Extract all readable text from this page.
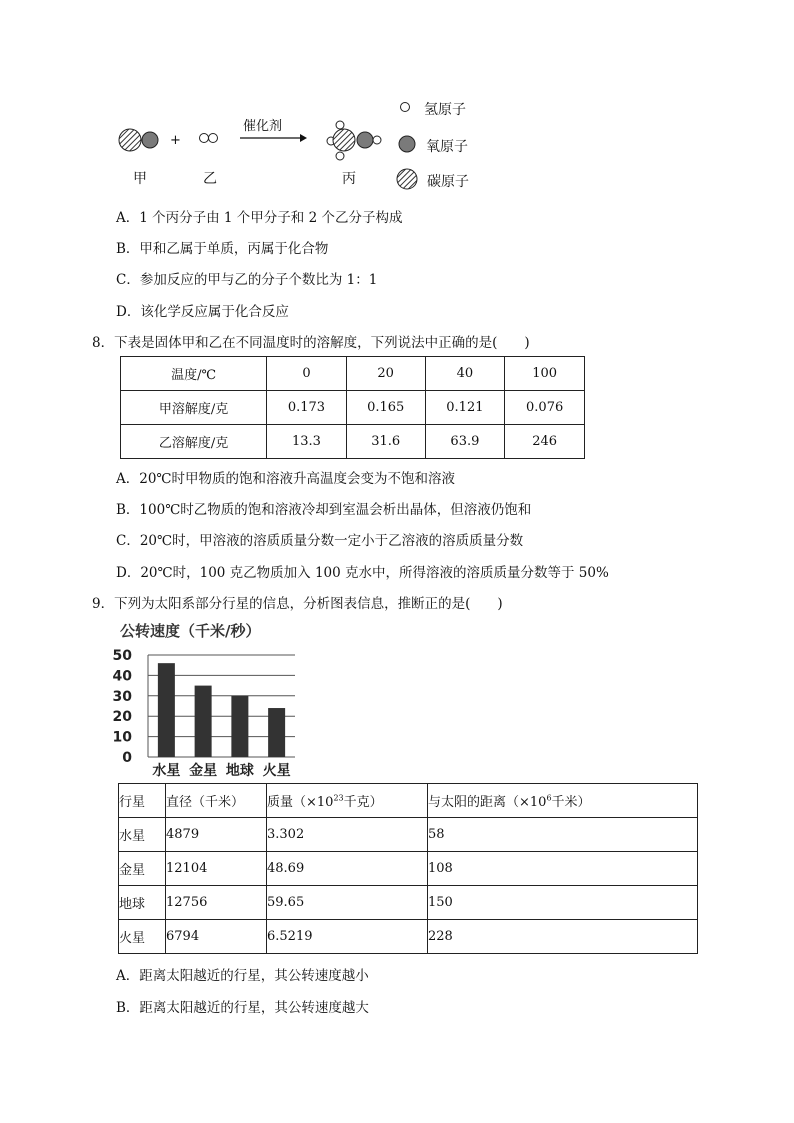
+
催化剂
氢原子
氧原子
碳原子
甲	乙	丙
A．1 个丙分子由 1 个甲分子和 2 个乙分子构成
B．甲和乙属于单质，丙属于化合物
C．参加反应的甲与乙的分子个数比为 1：1
D．该化学反应属于化合反应
8．下表是固体甲和乙在不同温度时的溶解度，下列说法中正确的是(　　)
温度/℃	0	20	40	100
甲溶解度/克	0.173	0.165	0.121	0.076
乙溶解度/克	13.3	31.6	63.9	246
A．20℃时甲物质的饱和溶液升高温度会变为不饱和溶液
B．100℃时乙物质的饱和溶液冷却到室温会析出晶体，但溶液仍饱和
C．20℃时，甲溶液的溶质质量分数一定小于乙溶液的溶质质量分数
D．20℃时，100 克乙物质加入 100 克水中，所得溶液的溶质质量分数等于 50%
9．下列为太阳系部分行星的信息，分析图表信息，推断正的是(　　)
公转速度（千米/秒）
0
10
20
30
40
50
水星 金星 地球 火星
行星	直径（千米）	质量（$\times 10^{23}$千克）	与太阳的距离（$\times 10^6$千米）
水星	4879	3.302	58
金星	12104	48.69	108
地球	12756	59.65	150
火星	6794	6.5219	228
A．距离太阳越近的行星，其公转速度越小
B．距离太阳越近的行星，其公转速度越大
